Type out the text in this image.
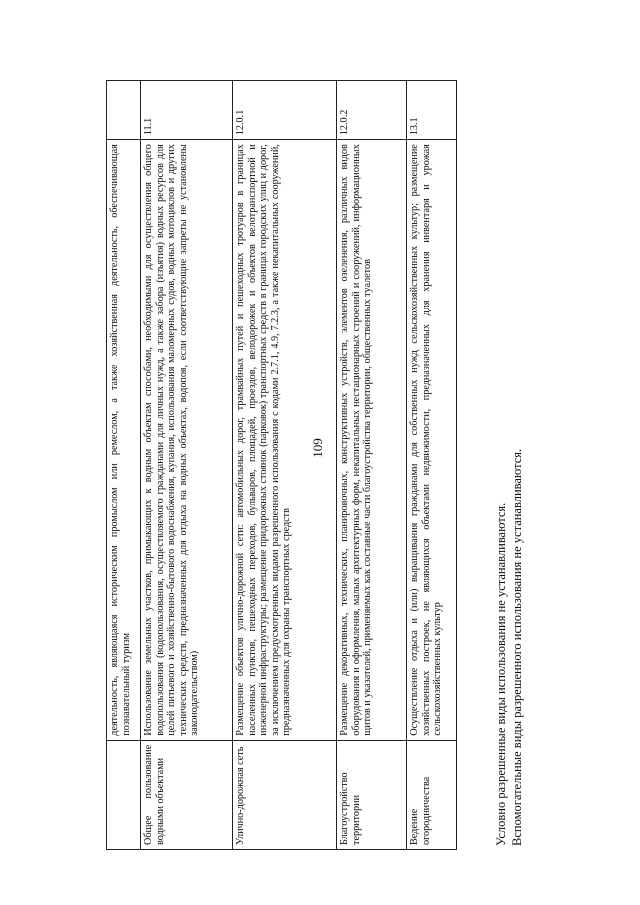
109
	деятельность, являющаяся историческим промыслом или ремеслом, а также хозяйственная деятельность, обеспечивающая познавательный туризм	
Общее пользование водными объектами	Использование земельных участков, примыкающих к водным объектам способами, необходимыми для осуществления общего водопользования (водопользования, осуществляемого гражданами для личных нужд, а также забора (изъятия) водных ресурсов для целей питьевого и хозяйственно-бытового водоснабжения, купания, использования маломерных судов, водных мотоциклов и других технических средств, предназначенных для отдыха на водных объектах, водопоя, если соответствующие запреты не установлены законодательством)	11.1
Улично-дорожная сеть	Размещение объектов улично-дорожной сети: автомобильных дорог, трамвайных путей и пешеходных тротуаров в границах населенных пунктов, пешеходных переходов, бульваров, площадей, проездов, велодорожек и объектов велотранспортной и инженерной инфраструктуры; размещение придорожных стоянок (парковок) транспортных средств в границах городских улиц и дорог, за исключением предусмотренных видами разрешенного использования с кодами 2.7.1, 4.9, 7.2.3, а также некапитальных сооружений, предназначенных для охраны транспортных средств	12.0.1
Благоустройство территории	Размещение декоративных, технических, планировочных, конструктивных устройств, элементов озеленения, различных видов оборудования и оформления, малых архитектурных форм, некапитальных нестационарных строений и сооружений, информационных щитов и указателей, применяемых как составные части благоустройства территории, общественных туалетов	12.0.2
Ведение огородничества	Осуществление отдыха и (или) выращивания гражданами для собственных нужд сельскохозяйственных культур; размещение хозяйственных построек, не являющихся объектами недвижимости, предназначенных для хранения инвентаря и урожая сельскохозяйственных культур	13.1
Условно разрешенные виды использования не устанавливаются. Вспомогательные виды разрешенного использования не устанавливаются.
